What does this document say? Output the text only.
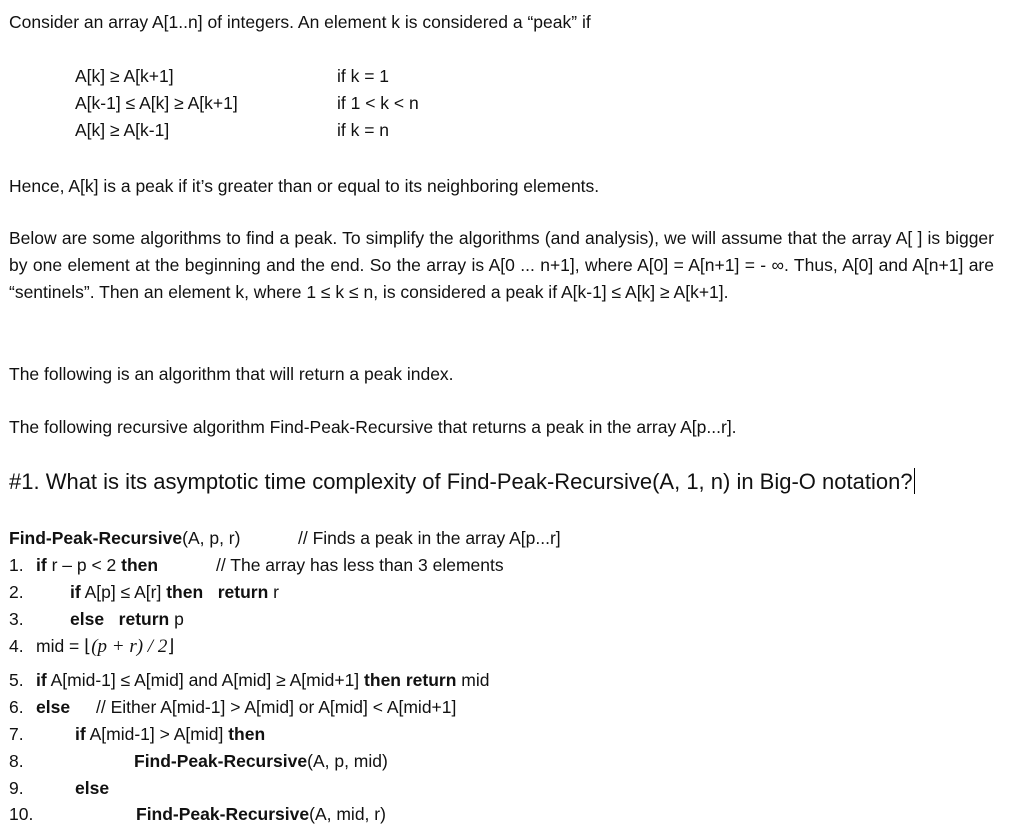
Consider an array A[1..n] of integers. An element k is considered a “peak” if
A[k] ≥ A[k+1]	if k = 1
A[k-1] ≤ A[k] ≥ A[k+1]	if 1 < k < n
A[k] ≥ A[k-1]	if k = n
Hence, A[k] is a peak if it’s greater than or equal to its neighboring elements.
Below are some algorithms to find a peak. To simplify the algorithms (and analysis), we will assume that the array A[ ] is bigger by one element at the beginning and the end. So the array is A[0 ... n+1], where A[0] = A[n+1] = - ∞. Thus, A[0] and A[n+1] are “sentinels”. Then an element k, where 1 ≤ k ≤ n, is considered a peak if A[k-1] ≤ A[k] ≥ A[k+1].
The following is an algorithm that will return a peak index.
The following recursive algorithm Find-Peak-Recursive that returns a peak in the array A[p...r].
#1. What is its asymptotic time complexity of Find-Peak-Recursive(A, 1, n) in Big-O notation?
Find-Peak-Recursive(A, p, r)	// Finds a peak in the array A[p...r]
1. if r – p < 2 then	// The array has less than 3 elements
2.	if A[p] ≤ A[r] then return r
3.	else return p
4. mid = ⌊(p + r) / 2⌋
5. if A[mid-1] ≤ A[mid] and A[mid] ≥ A[mid+1] then return mid
6. else // Either A[mid-1] > A[mid] or A[mid] < A[mid+1]
7.	if A[mid-1] > A[mid] then
8.	Find-Peak-Recursive(A, p, mid)
9.	else
10.	Find-Peak-Recursive(A, mid, r)
